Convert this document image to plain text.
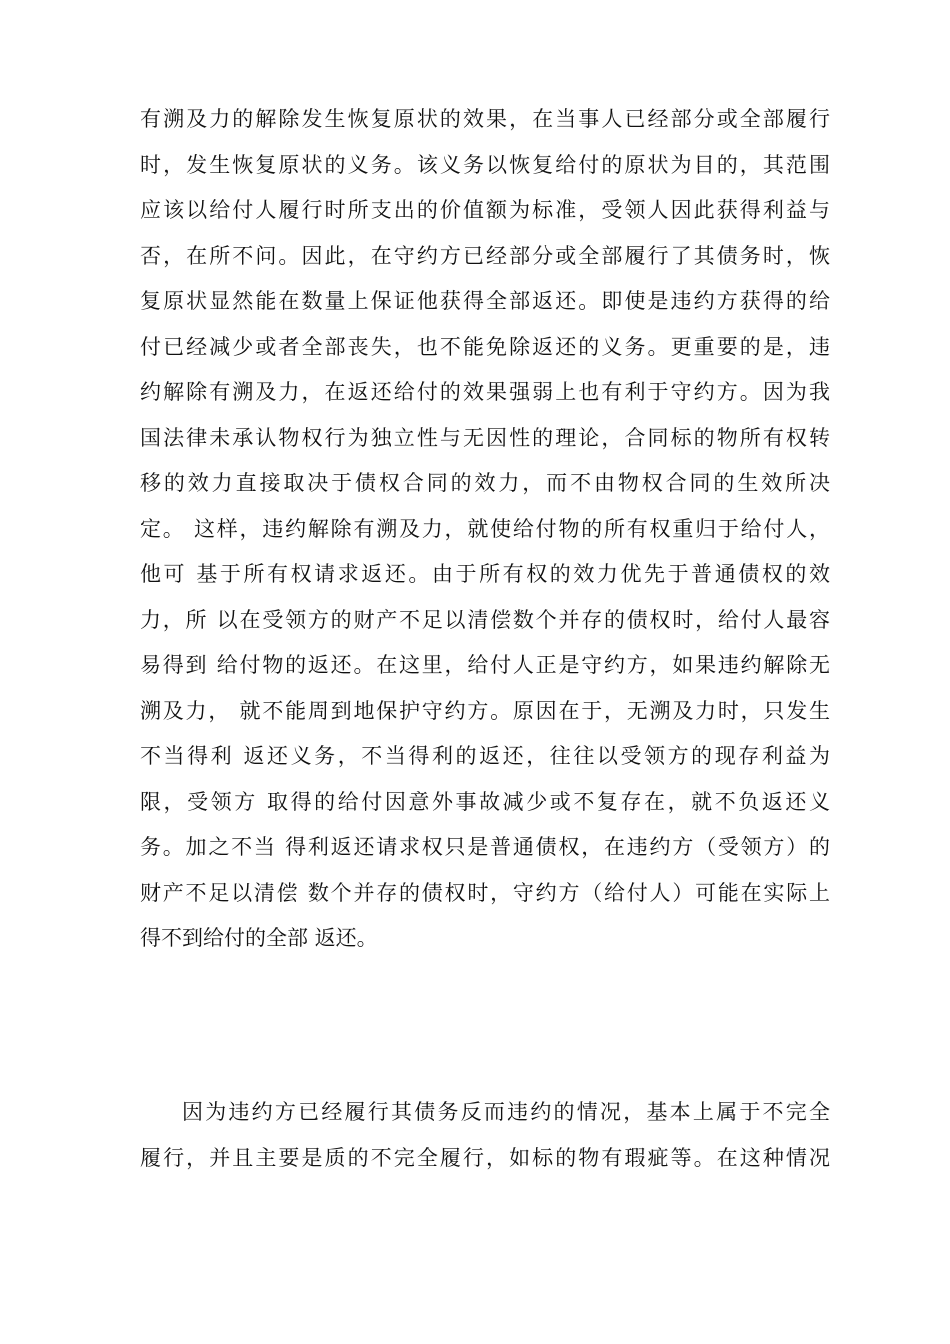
有溯及力的解除发生恢复原状的效果，在当事人已经部分或全部履行
时，发生恢复原状的义务。该义务以恢复给付的原状为目的，其范围
应该以给付人履行时所支出的价值额为标准，受领人因此获得利益与
否，在所不问。因此，在守约方已经部分或全部履行了其债务时，恢
复原状显然能在数量上保证他获得全部返还。即使是违约方获得的给
付已经减少或者全部丧失，也不能免除返还的义务。更重要的是，违
约解除有溯及力，在返还给付的效果强弱上也有利于守约方。因为我
国法律未承认物权行为独立性与无因性的理论，合同标的物所有权转
移的效力直接取决于债权合同的效力，而不由物权合同的生效所决
定。 这样，违约解除有溯及力，就使给付物的所有权重归于给付人，
他可 基于所有权请求返还。由于所有权的效力优先于普通债权的效
力，所 以在受领方的财产不足以清偿数个并存的债权时，给付人最容
易得到 给付物的返还。在这里，给付人正是守约方，如果违约解除无
溯及力， 就不能周到地保护守约方。原因在于，无溯及力时，只发生
不当得利 返还义务，不当得利的返还，往往以受领方的现存利益为
限，受领方 取得的给付因意外事故减少或不复存在，就不负返还义
务。加之不当 得利返还请求权只是普通债权，在违约方（受领方）的
财产不足以清偿 数个并存的债权时，守约方（给付人）可能在实际上
得不到给付的全部 返还。
因为违约方已经履行其债务反而违约的情况，基本上属于不完全
履行，并且主要是质的不完全履行，如标的物有瑕疵等。在这种情况
